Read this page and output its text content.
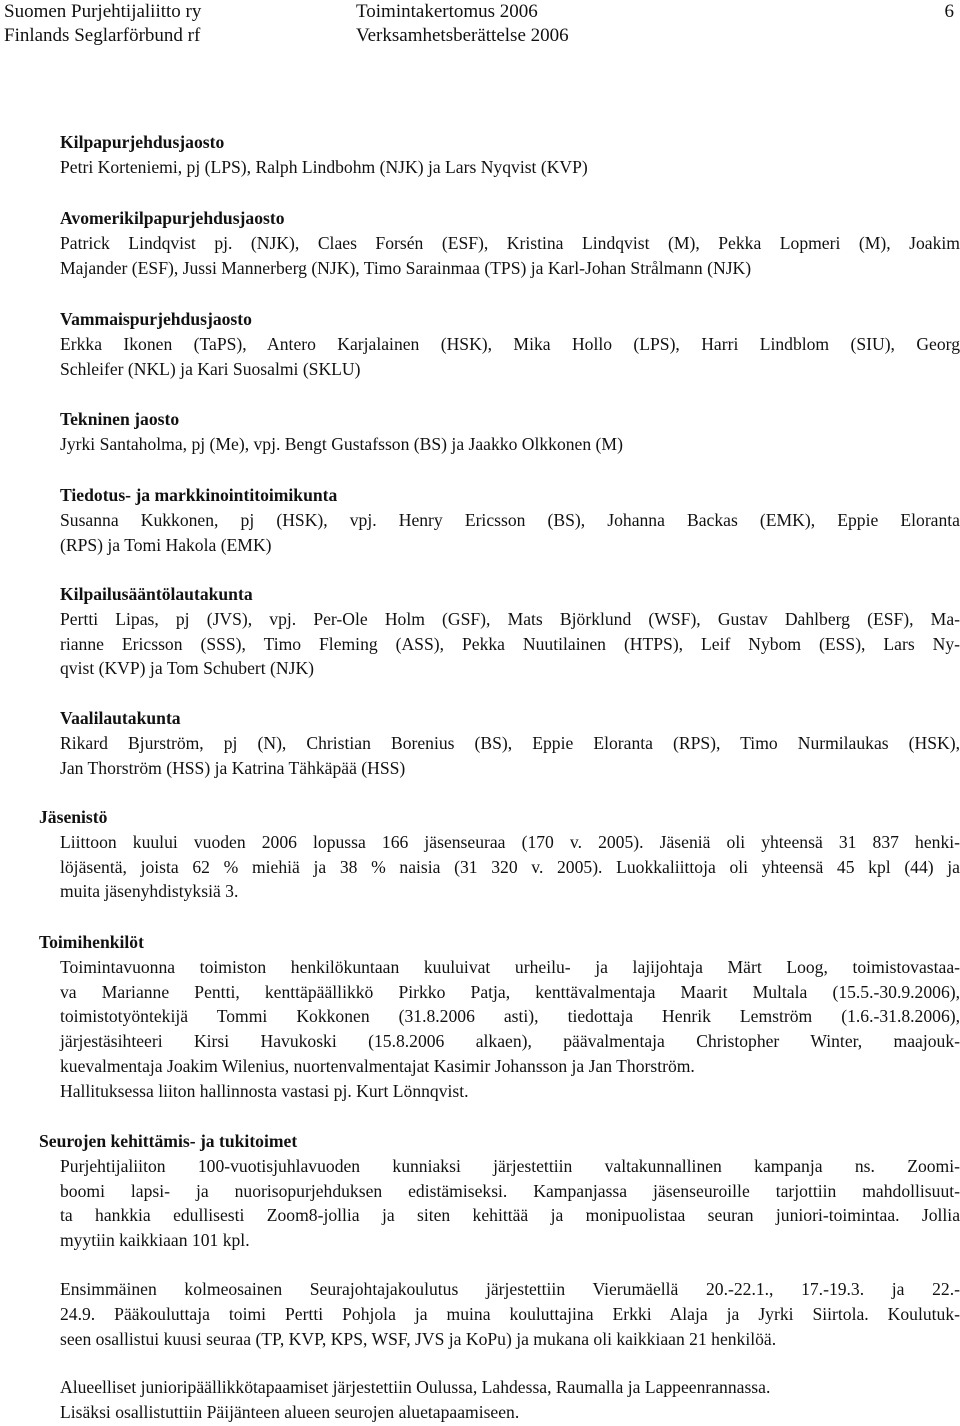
Suomen Purjehtijaliitto ry
Finlands Seglarförbund rf
Toimintakertomus 2006
Verksamhetsberättelse 2006
6
Kilpapurjehdusjaosto
Petri Korteniemi, pj (LPS), Ralph Lindbohm (NJK) ja Lars Nyqvist (KVP)
Avomerikilpapurjehdusjaosto
Patrick Lindqvist pj. (NJK), Claes Forsén (ESF), Kristina Lindqvist (M), Pekka Lopmeri (M), Joakim
Majander (ESF), Jussi Mannerberg (NJK), Timo Sarainmaa (TPS) ja Karl-Johan Strålmann (NJK)
Vammaispurjehdusjaosto
Erkka Ikonen (TaPS), Antero Karjalainen (HSK), Mika Hollo (LPS), Harri Lindblom (SIU), Georg
Schleifer (NKL) ja Kari Suosalmi (SKLU)
Tekninen jaosto
Jyrki Santaholma, pj (Me), vpj. Bengt Gustafsson (BS) ja Jaakko Olkkonen (M)
Tiedotus- ja markkinointitoimikunta
Susanna Kukkonen, pj (HSK), vpj. Henry Ericsson (BS), Johanna Backas (EMK), Eppie Eloranta
(RPS) ja Tomi Hakola (EMK)
Kilpailusääntölautakunta
Pertti Lipas, pj (JVS), vpj. Per-Ole Holm (GSF), Mats Björklund (WSF), Gustav Dahlberg (ESF), Ma-
rianne Ericsson (SSS), Timo Fleming (ASS), Pekka Nuutilainen (HTPS), Leif Nybom (ESS), Lars Ny-
qvist (KVP) ja Tom Schubert (NJK)
Vaalilautakunta
Rikard Bjurström, pj (N), Christian Borenius (BS), Eppie Eloranta (RPS), Timo Nurmilaukas (HSK),
Jan Thorström (HSS) ja Katrina Tähkäpää (HSS)
Jäsenistö
Liittoon kuului vuoden 2006 lopussa 166 jäsenseuraa (170 v. 2005). Jäseniä oli yhteensä 31 837 henki-
löjäsentä, joista 62 % miehiä ja 38 % naisia (31 320 v. 2005). Luokkaliittoja oli yhteensä 45 kpl (44) ja
muita jäsenyhdistyksiä 3.
Toimihenkilöt
Toimintavuonna toimiston henkilökuntaan kuuluivat urheilu- ja lajijohtaja Märt Loog, toimistovastaa-
va Marianne Pentti, kenttäpäällikkö Pirkko Patja, kenttävalmentaja Maarit Multala (15.5.-30.9.2006),
toimistotyöntekijä Tommi Kokkonen (31.8.2006 asti), tiedottaja Henrik Lemström (1.6.-31.8.2006),
järjestäsihteeri Kirsi Havukoski (15.8.2006 alkaen), päävalmentaja Christopher Winter, maajouk-
kuevalmentaja Joakim Wilenius, nuortenvalmentajat Kasimir Johansson ja Jan Thorström.
Hallituksessa liiton hallinnosta vastasi pj. Kurt Lönnqvist.
Seurojen kehittämis- ja tukitoimet
Purjehtijaliiton 100-vuotisjuhlavuoden kunniaksi järjestettiin valtakunnallinen kampanja ns. Zoomi-
boomi lapsi- ja nuorisopurjehduksen edistämiseksi. Kampanjassa jäsenseuroille tarjottiin mahdollisuut-
ta hankkia edullisesti Zoom8-jollia ja siten kehittää ja monipuolistaa seuran juniori-toimintaa. Jollia
myytiin kaikkiaan 101 kpl.
Ensimmäinen kolmeosainen Seurajohtajakoulutus järjestettiin Vierumäellä 20.-22.1., 17.-19.3. ja 22.-
24.9. Pääkouluttaja toimi Pertti Pohjola ja muina kouluttajina Erkki Alaja ja Jyrki Siirtola. Koulutuk-
seen osallistui kuusi seuraa (TP, KVP, KPS, WSF, JVS ja KoPu) ja mukana oli kaikkiaan 21 henkilöä.
Alueelliset junioripäällikkötapaamiset järjestettiin Oulussa, Lahdessa, Raumalla ja Lappeenrannassa.
Lisäksi osallistuttiin Päijänteen alueen seurojen aluetapaamiseen.
